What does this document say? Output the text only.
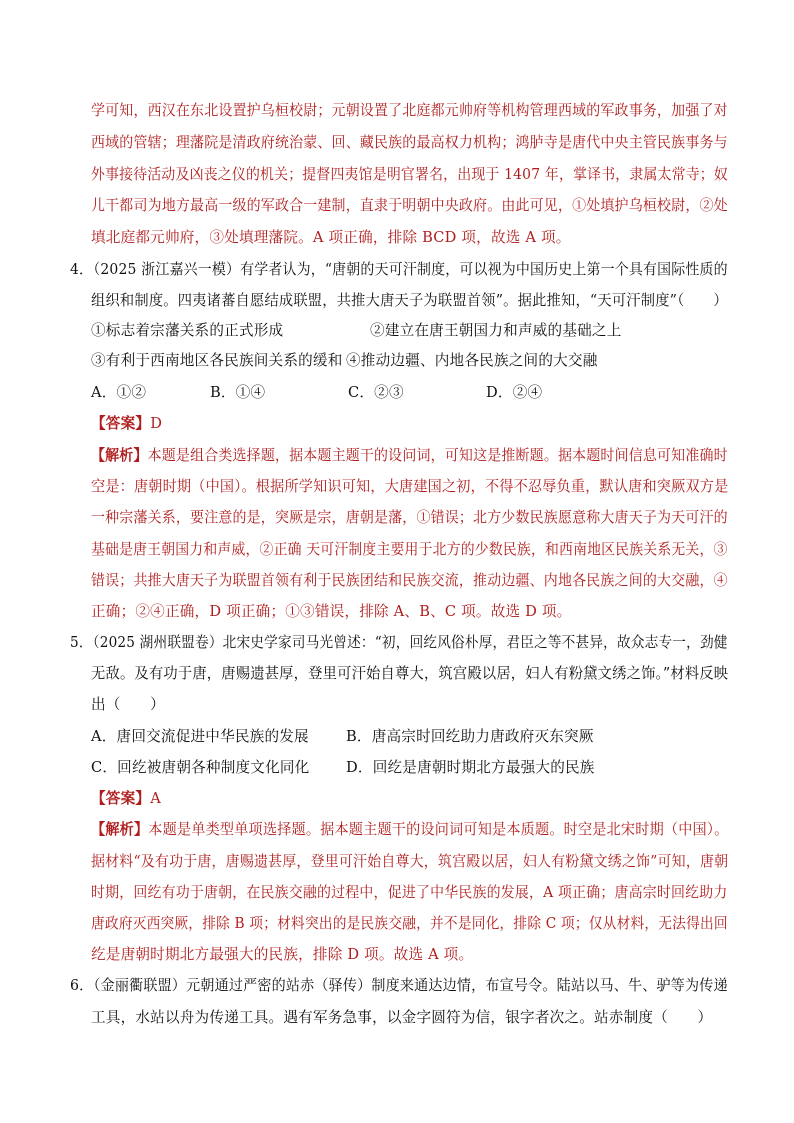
学可知，西汉在东北设置护乌桓校尉；元朝设置了北庭都元帅府等机构管理西域的军政事务，加强了对
西域的管辖；理藩院是清政府统治蒙、回、藏民族的最高权力机构；鸿胪寺是唐代中央主管民族事务与
外事接待活动及凶丧之仪的机关；提督四夷馆是明官署名，出现于 1407 年，掌译书，隶属太常寺；奴
儿干都司为地方最高一级的军政合一建制，直隶于明朝中央政府。由此可见，①处填护乌桓校尉，②处
填北庭都元帅府，③处填理藩院。A 项正确，排除 BCD 项，故选 A 项。
4．（2025 浙江嘉兴一模）有学者认为，“唐朝的天可汗制度，可以视为中国历史上第一个具有国际性质的
组织和制度。四夷诸蕃自愿结成联盟，共推大唐天子为联盟首领”。据此推知，“天可汗制度”（　　）
①标志着宗藩关系的正式形成	②建立在唐王朝国力和声威的基础之上
③有利于西南地区各民族间关系的缓和 ④推动边疆、内地各民族之间的大交融
A．①②	B．①④	C．②③	D．②④
【答案】D
【解析】本题是组合类选择题，据本题主题干的设问词，可知这是推断题。据本题时间信息可知准确时
空是：唐朝时期（中国）。根据所学知识可知，大唐建国之初，不得不忍辱负重，默认唐和突厥双方是
一种宗藩关系，要注意的是，突厥是宗，唐朝是藩，①错误；北方少数民族愿意称大唐天子为天可汗的
基础是唐王朝国力和声威，②正确 天可汗制度主要用于北方的少数民族，和西南地区民族关系无关，③
错误；共推大唐天子为联盟首领有利于民族团结和民族交流，推动边疆、内地各民族之间的大交融，④
正确；②④正确，D 项正确；①③错误，排除 A、B、C 项。故选 D 项。
5．（2025 湖州联盟卷）北宋史学家司马光曾述：“初，回纥风俗朴厚，君臣之等不甚异，故众志专一，劲健
无敌。及有功于唐，唐赐遗甚厚，登里可汗始自尊大，筑宫殿以居，妇人有粉黛文绣之饰。”材料反映
出（　　）
A．唐回交流促进中华民族的发展	B．唐高宗时回纥助力唐政府灭东突厥
C．回纥被唐朝各种制度文化同化	D．回纥是唐朝时期北方最强大的民族
【答案】A
【解析】本题是单类型单项选择题。据本题主题干的设问词可知是本质题。时空是北宋时期（中国）。
据材料“及有功于唐，唐赐遗甚厚，登里可汗始自尊大，筑宫殿以居，妇人有粉黛文绣之饰”可知，唐朝
时期，回纥有功于唐朝，在民族交融的过程中，促进了中华民族的发展，A 项正确；唐高宗时回纥助力
唐政府灭西突厥，排除 B 项；材料突出的是民族交融，并不是同化，排除 C 项；仅从材料，无法得出回
纥是唐朝时期北方最强大的民族，排除 D 项。故选 A 项。
6．（金丽衢联盟）元朝通过严密的站赤（驿传）制度来通达边情，布宣号令。陆站以马、牛、驴等为传递
工具，水站以舟为传递工具。遇有军务急事，以金字圆符为信，银字者次之。站赤制度（　　）
